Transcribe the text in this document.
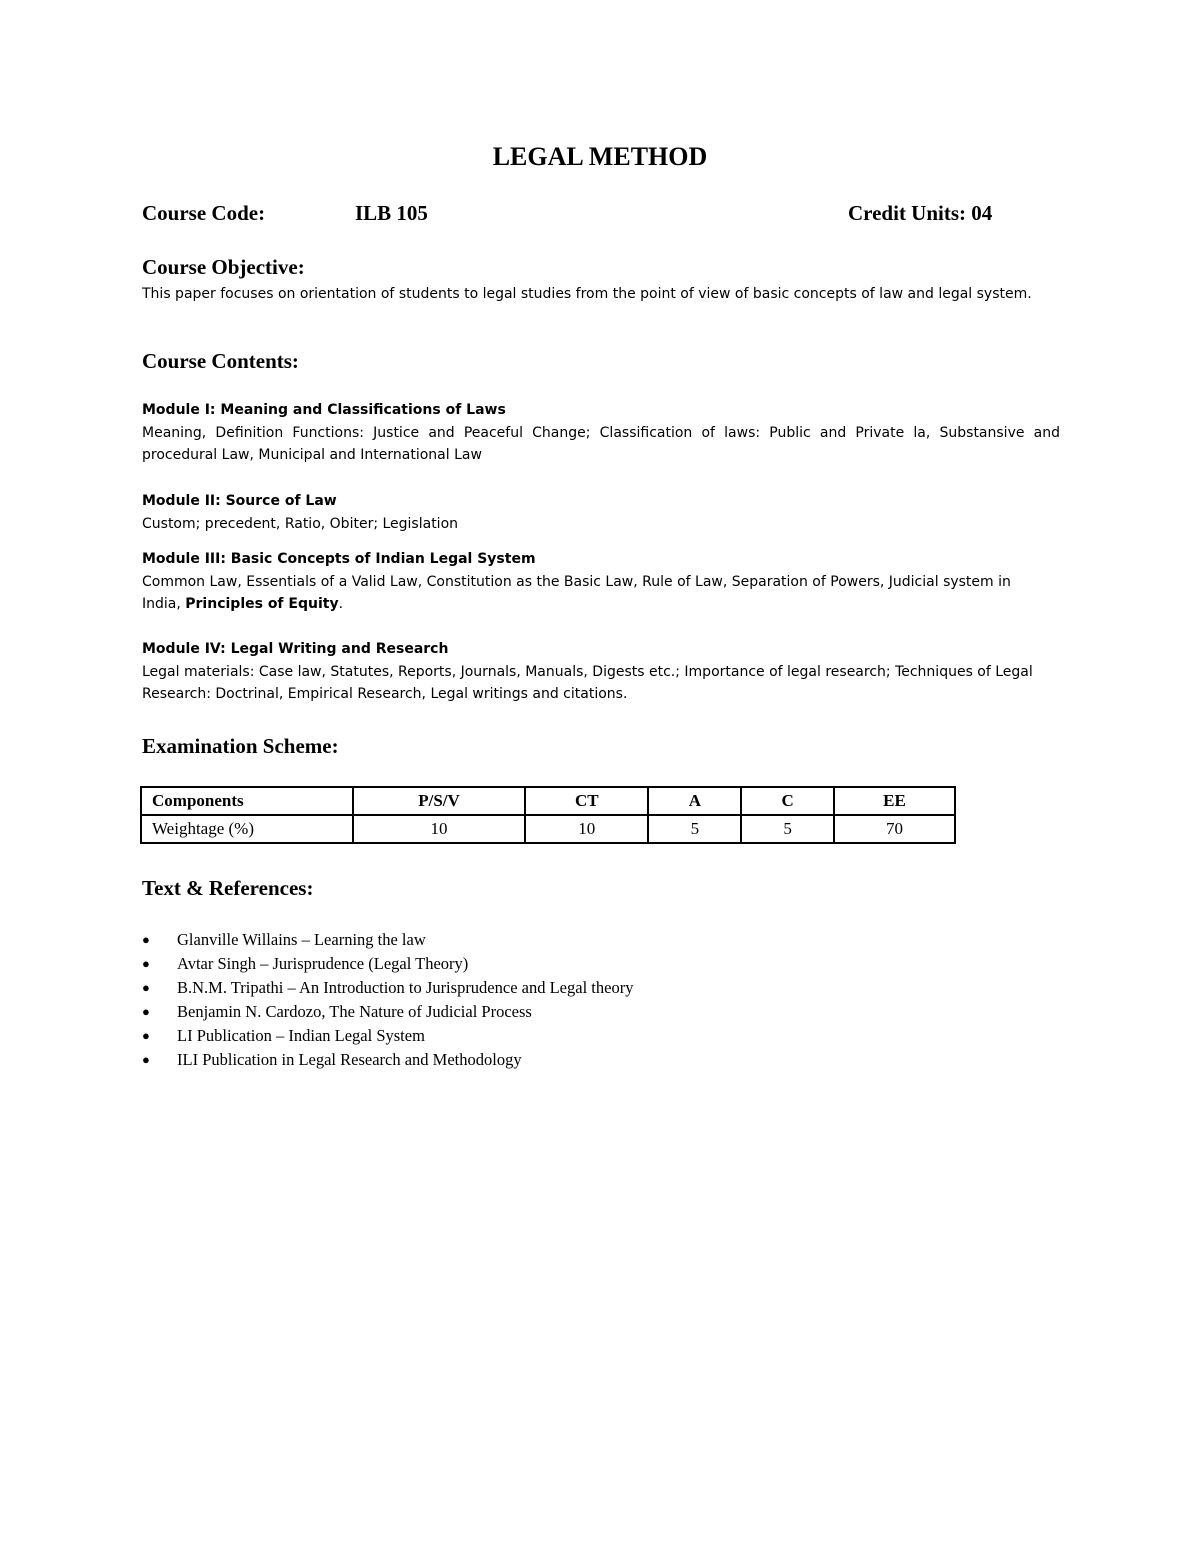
LEGAL METHOD
Course Code:	ILB 105	Credit Units: 04
Course Objective:
This paper focuses on orientation of students to legal studies from the point of view of basic concepts of law and legal system.
Course Contents:
Module I: Meaning and Classifications of Laws
Meaning, Definition Functions: Justice and Peaceful Change; Classification of laws: Public and Private la, Substansive and procedural Law, Municipal and International Law
Module II: Source of Law
Custom; precedent, Ratio, Obiter; Legislation
Module III: Basic Concepts of Indian Legal System
Common Law, Essentials of a Valid Law, Constitution as the Basic Law, Rule of Law, Separation of Powers, Judicial system in India, Principles of Equity.
Module IV: Legal Writing and Research
Legal materials: Case law, Statutes, Reports, Journals, Manuals, Digests etc.; Importance of legal research; Techniques of Legal Research: Doctrinal, Empirical Research, Legal writings and citations.
Examination Scheme:
Components	P/S/V	CT	A	C	EE
Weightage (%)	10	10	5	5	70
Text & References:
● Glanville Willains – Learning the law
● Avtar Singh – Jurisprudence (Legal Theory)
● B.N.M. Tripathi – An Introduction to Jurisprudence and Legal theory
● Benjamin N. Cardozo, The Nature of Judicial Process
● LI Publication – Indian Legal System
● ILI Publication in Legal Research and Methodology
